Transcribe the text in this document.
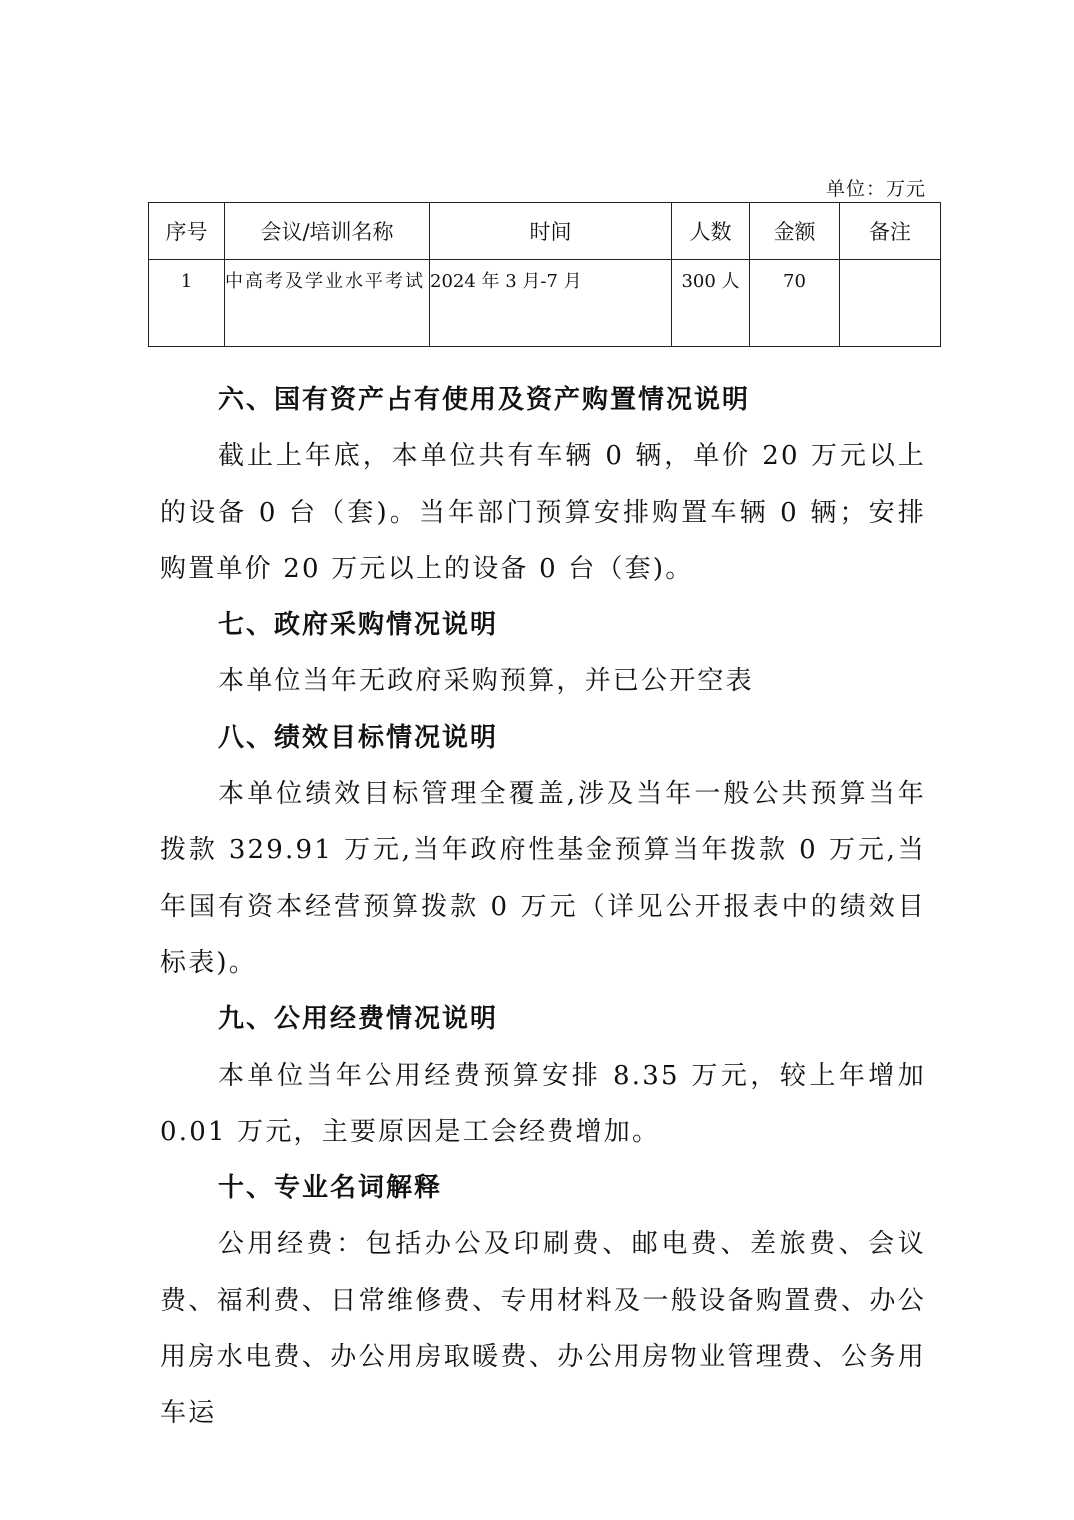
单位：万元
序号	会议/培训名称	时间	人数	金额	备注
1	中高考及学业水平考试	2024 年 3 月-7 月	300 人	70	
六、国有资产占有使用及资产购置情况说明

截止上年底，本单位共有车辆 0 辆，单价 20 万元以上的设备 0 台（套)。当年部门预算安排购置车辆 0 辆；安排购置单价 20 万元以上的设备 0 台（套)。

七、政府采购情况说明

本单位当年无政府采购预算，并已公开空表

八、绩效目标情况说明

本单位绩效目标管理全覆盖,涉及当年一般公共预算当年拨款 329.91 万元,当年政府性基金预算当年拨款 0 万元,当年国有资本经营预算拨款 0 万元（详见公开报表中的绩效目标表)。

九、公用经费情况说明

本单位当年公用经费预算安排 8.35 万元，较上年增加 0.01 万元，主要原因是工会经费增加。

十、专业名词解释

公用经费：包括办公及印刷费、邮电费、差旅费、会议费、福利费、日常维修费、专用材料及一般设备购置费、办公用房水电费、办公用房取暖费、办公用房物业管理费、公务用车运
